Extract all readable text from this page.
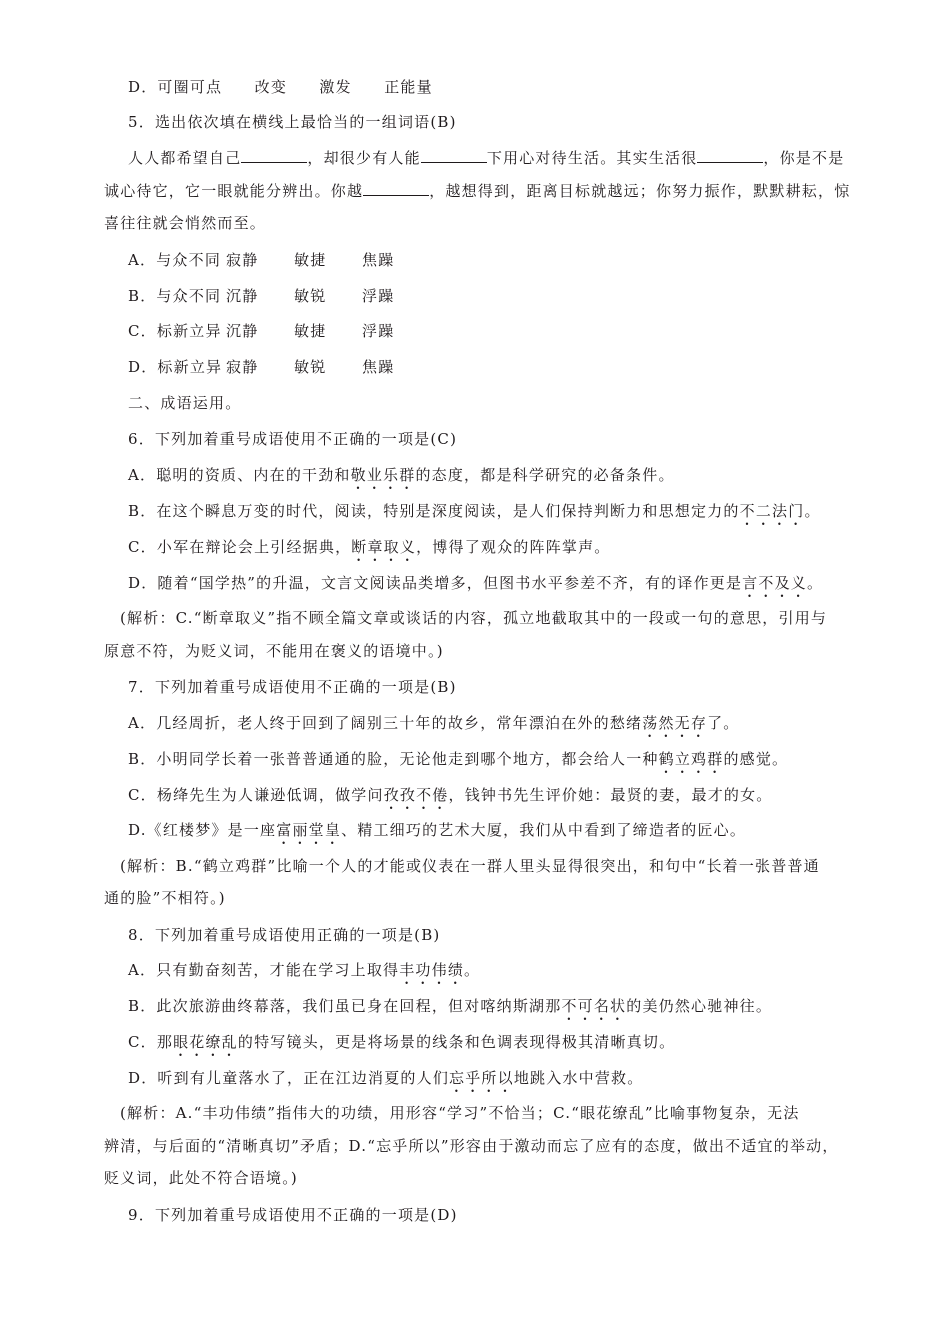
D．可圈可点　　改变　　激发　　正能量
5．选出依次填在横线上最恰当的一组词语(B)
人人都希望自己	，却很少有人能	下用心对待生活。其实生活很	，你是不是
诚心待它，它一眼就能分辨出。你越	，越想得到，距离目标就越远；你努力振作，默默耕耘，惊
喜往往就会悄然而至。
A．与众不同 寂静 敏捷 焦躁
B．与众不同 沉静 敏锐 浮躁
C．标新立异 沉静 敏捷 浮躁
D．标新立异 寂静 敏锐 焦躁
二、成语运用。
6．下列加着重号成语使用不正确的一项是(C)
A．聪明的资质、内在的干劲和敬业乐群的态度，都是科学研究的必备条件。
B．在这个瞬息万变的时代，阅读，特别是深度阅读，是人们保持判断力和思想定力的不二法门。
C．小军在辩论会上引经据典，断章取义，博得了观众的阵阵掌声。
D．随着“国学热”的升温，文言文阅读品类增多，但图书水平参差不齐，有的译作更是言不及义。
(解析：C.“断章取义”指不顾全篇文章或谈话的内容，孤立地截取其中的一段或一句的意思，引用与
原意不符，为贬义词，不能用在褒义的语境中。)
7．下列加着重号成语使用不正确的一项是(B)
A．几经周折，老人终于回到了阔别三十年的故乡，常年漂泊在外的愁绪荡然无存了。
B．小明同学长着一张普普通通的脸，无论他走到哪个地方，都会给人一种鹤立鸡群的感觉。
C．杨绛先生为人谦逊低调，做学问孜孜不倦，钱钟书先生评价她：最贤的妻，最才的女。
D.《红楼梦》是一座富丽堂皇、精工细巧的艺术大厦，我们从中看到了缔造者的匠心。
(解析：B.“鹤立鸡群”比喻一个人的才能或仪表在一群人里头显得很突出，和句中“长着一张普普通
通的脸”不相符。)
8．下列加着重号成语使用正确的一项是(B)
A．只有勤奋刻苦，才能在学习上取得丰功伟绩。
B．此次旅游曲终幕落，我们虽已身在回程，但对喀纳斯湖那不可名状的美仍然心驰神往。
C．那眼花缭乱的特写镜头，更是将场景的线条和色调表现得极其清晰真切。
D．听到有儿童落水了，正在江边消夏的人们忘乎所以地跳入水中营救。
(解析：A.“丰功伟绩”指伟大的功绩，用形容“学习”不恰当；C.“眼花缭乱”比喻事物复杂，无法
辨清，与后面的“清晰真切”矛盾；D.“忘乎所以”形容由于激动而忘了应有的态度，做出不适宜的举动，
贬义词，此处不符合语境。)
9．下列加着重号成语使用不正确的一项是(D)
